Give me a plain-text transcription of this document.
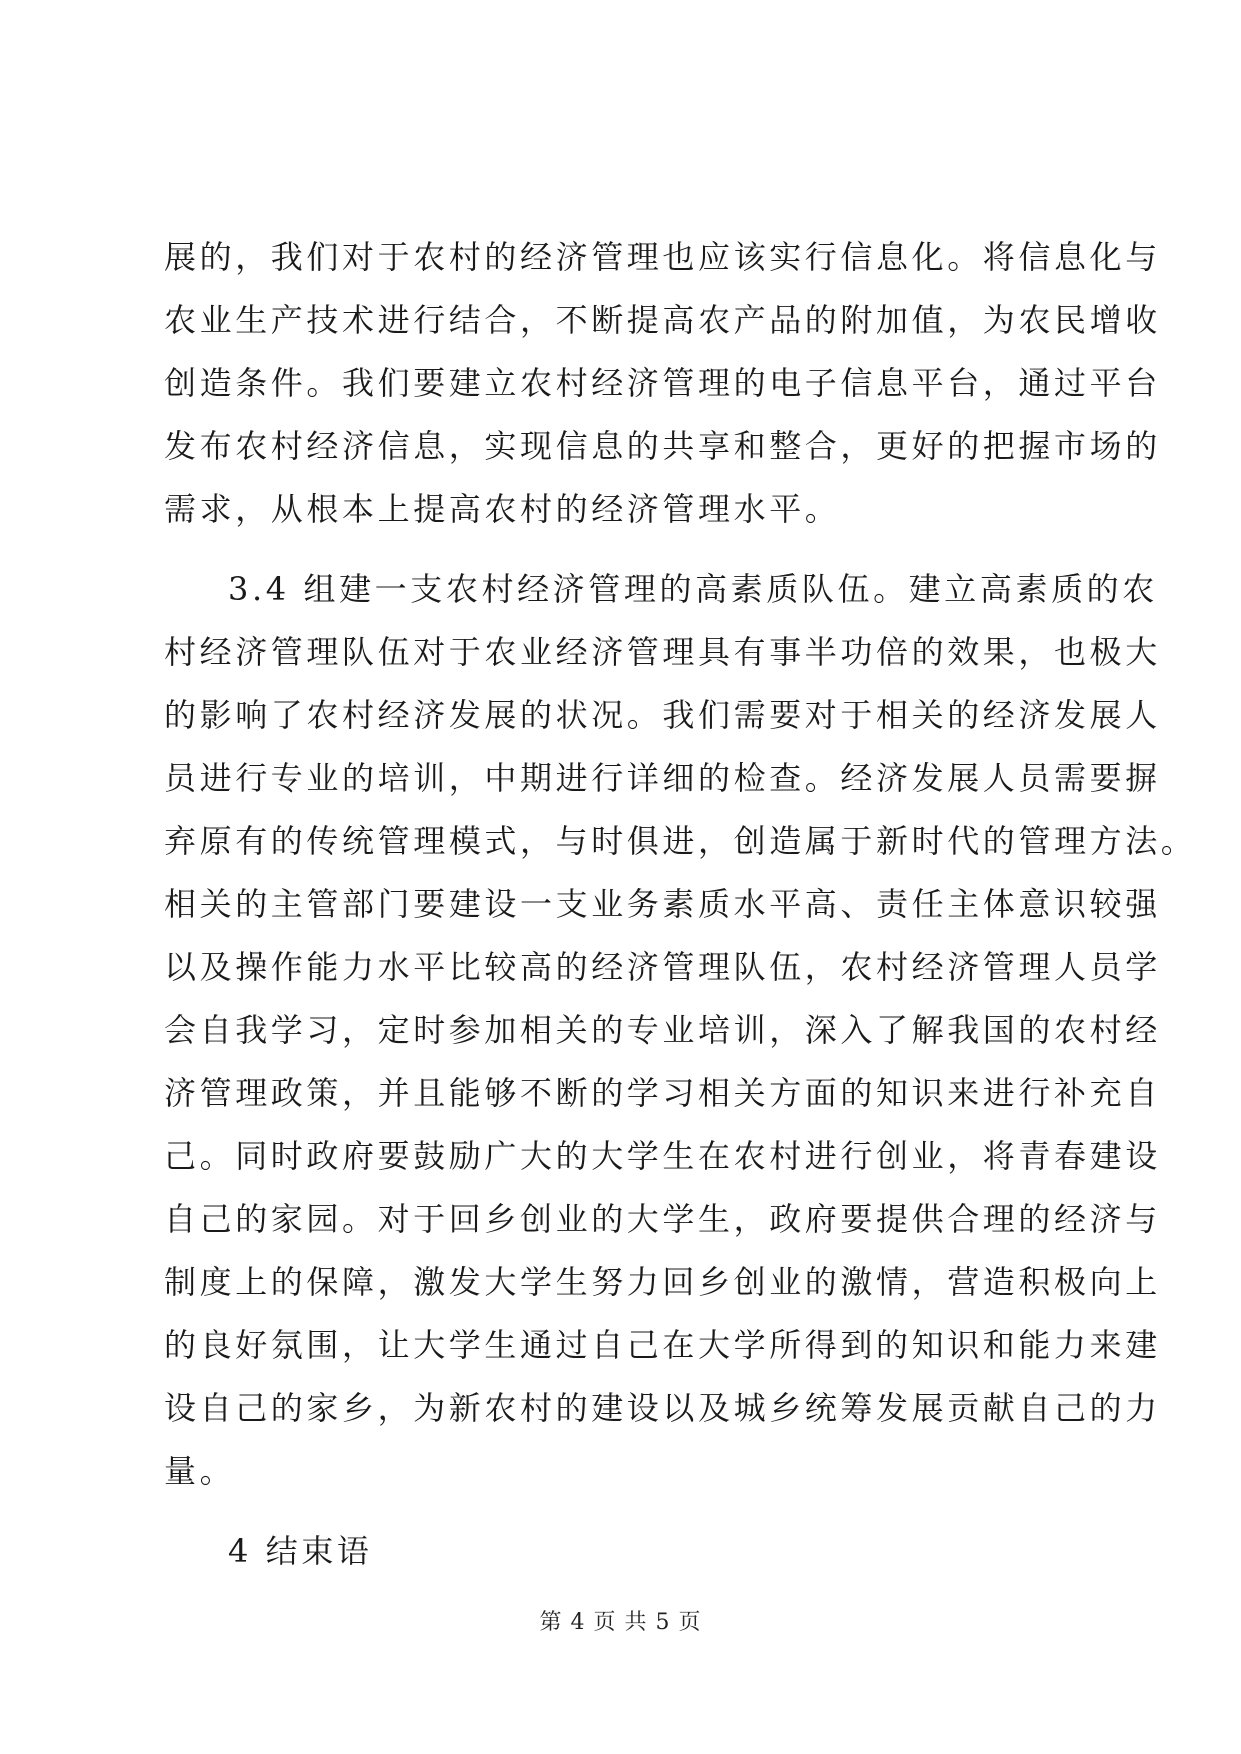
展的，我们对于农村的经济管理也应该实行信息化。将信息化与
农业生产技术进行结合，不断提高农产品的附加值，为农民增收
创造条件。我们要建立农村经济管理的电子信息平台，通过平台
发布农村经济信息，实现信息的共享和整合，更好的把握市场的
需求，从根本上提高农村的经济管理水平。
3.4 组建一支农村经济管理的高素质队伍。建立高素质的农
村经济管理队伍对于农业经济管理具有事半功倍的效果，也极大
的影响了农村经济发展的状况。我们需要对于相关的经济发展人
员进行专业的培训，中期进行详细的检查。经济发展人员需要摒
弃原有的传统管理模式，与时俱进，创造属于新时代的管理方法。
相关的主管部门要建设一支业务素质水平高、责任主体意识较强
以及操作能力水平比较高的经济管理队伍，农村经济管理人员学
会自我学习，定时参加相关的专业培训，深入了解我国的农村经
济管理政策，并且能够不断的学习相关方面的知识来进行补充自
己。同时政府要鼓励广大的大学生在农村进行创业，将青春建设
自己的家园。对于回乡创业的大学生，政府要提供合理的经济与
制度上的保障，激发大学生努力回乡创业的激情，营造积极向上
的良好氛围，让大学生通过自己在大学所得到的知识和能力来建
设自己的家乡，为新农村的建设以及城乡统筹发展贡献自己的力
量。
4 结束语
第 4 页 共 5 页
